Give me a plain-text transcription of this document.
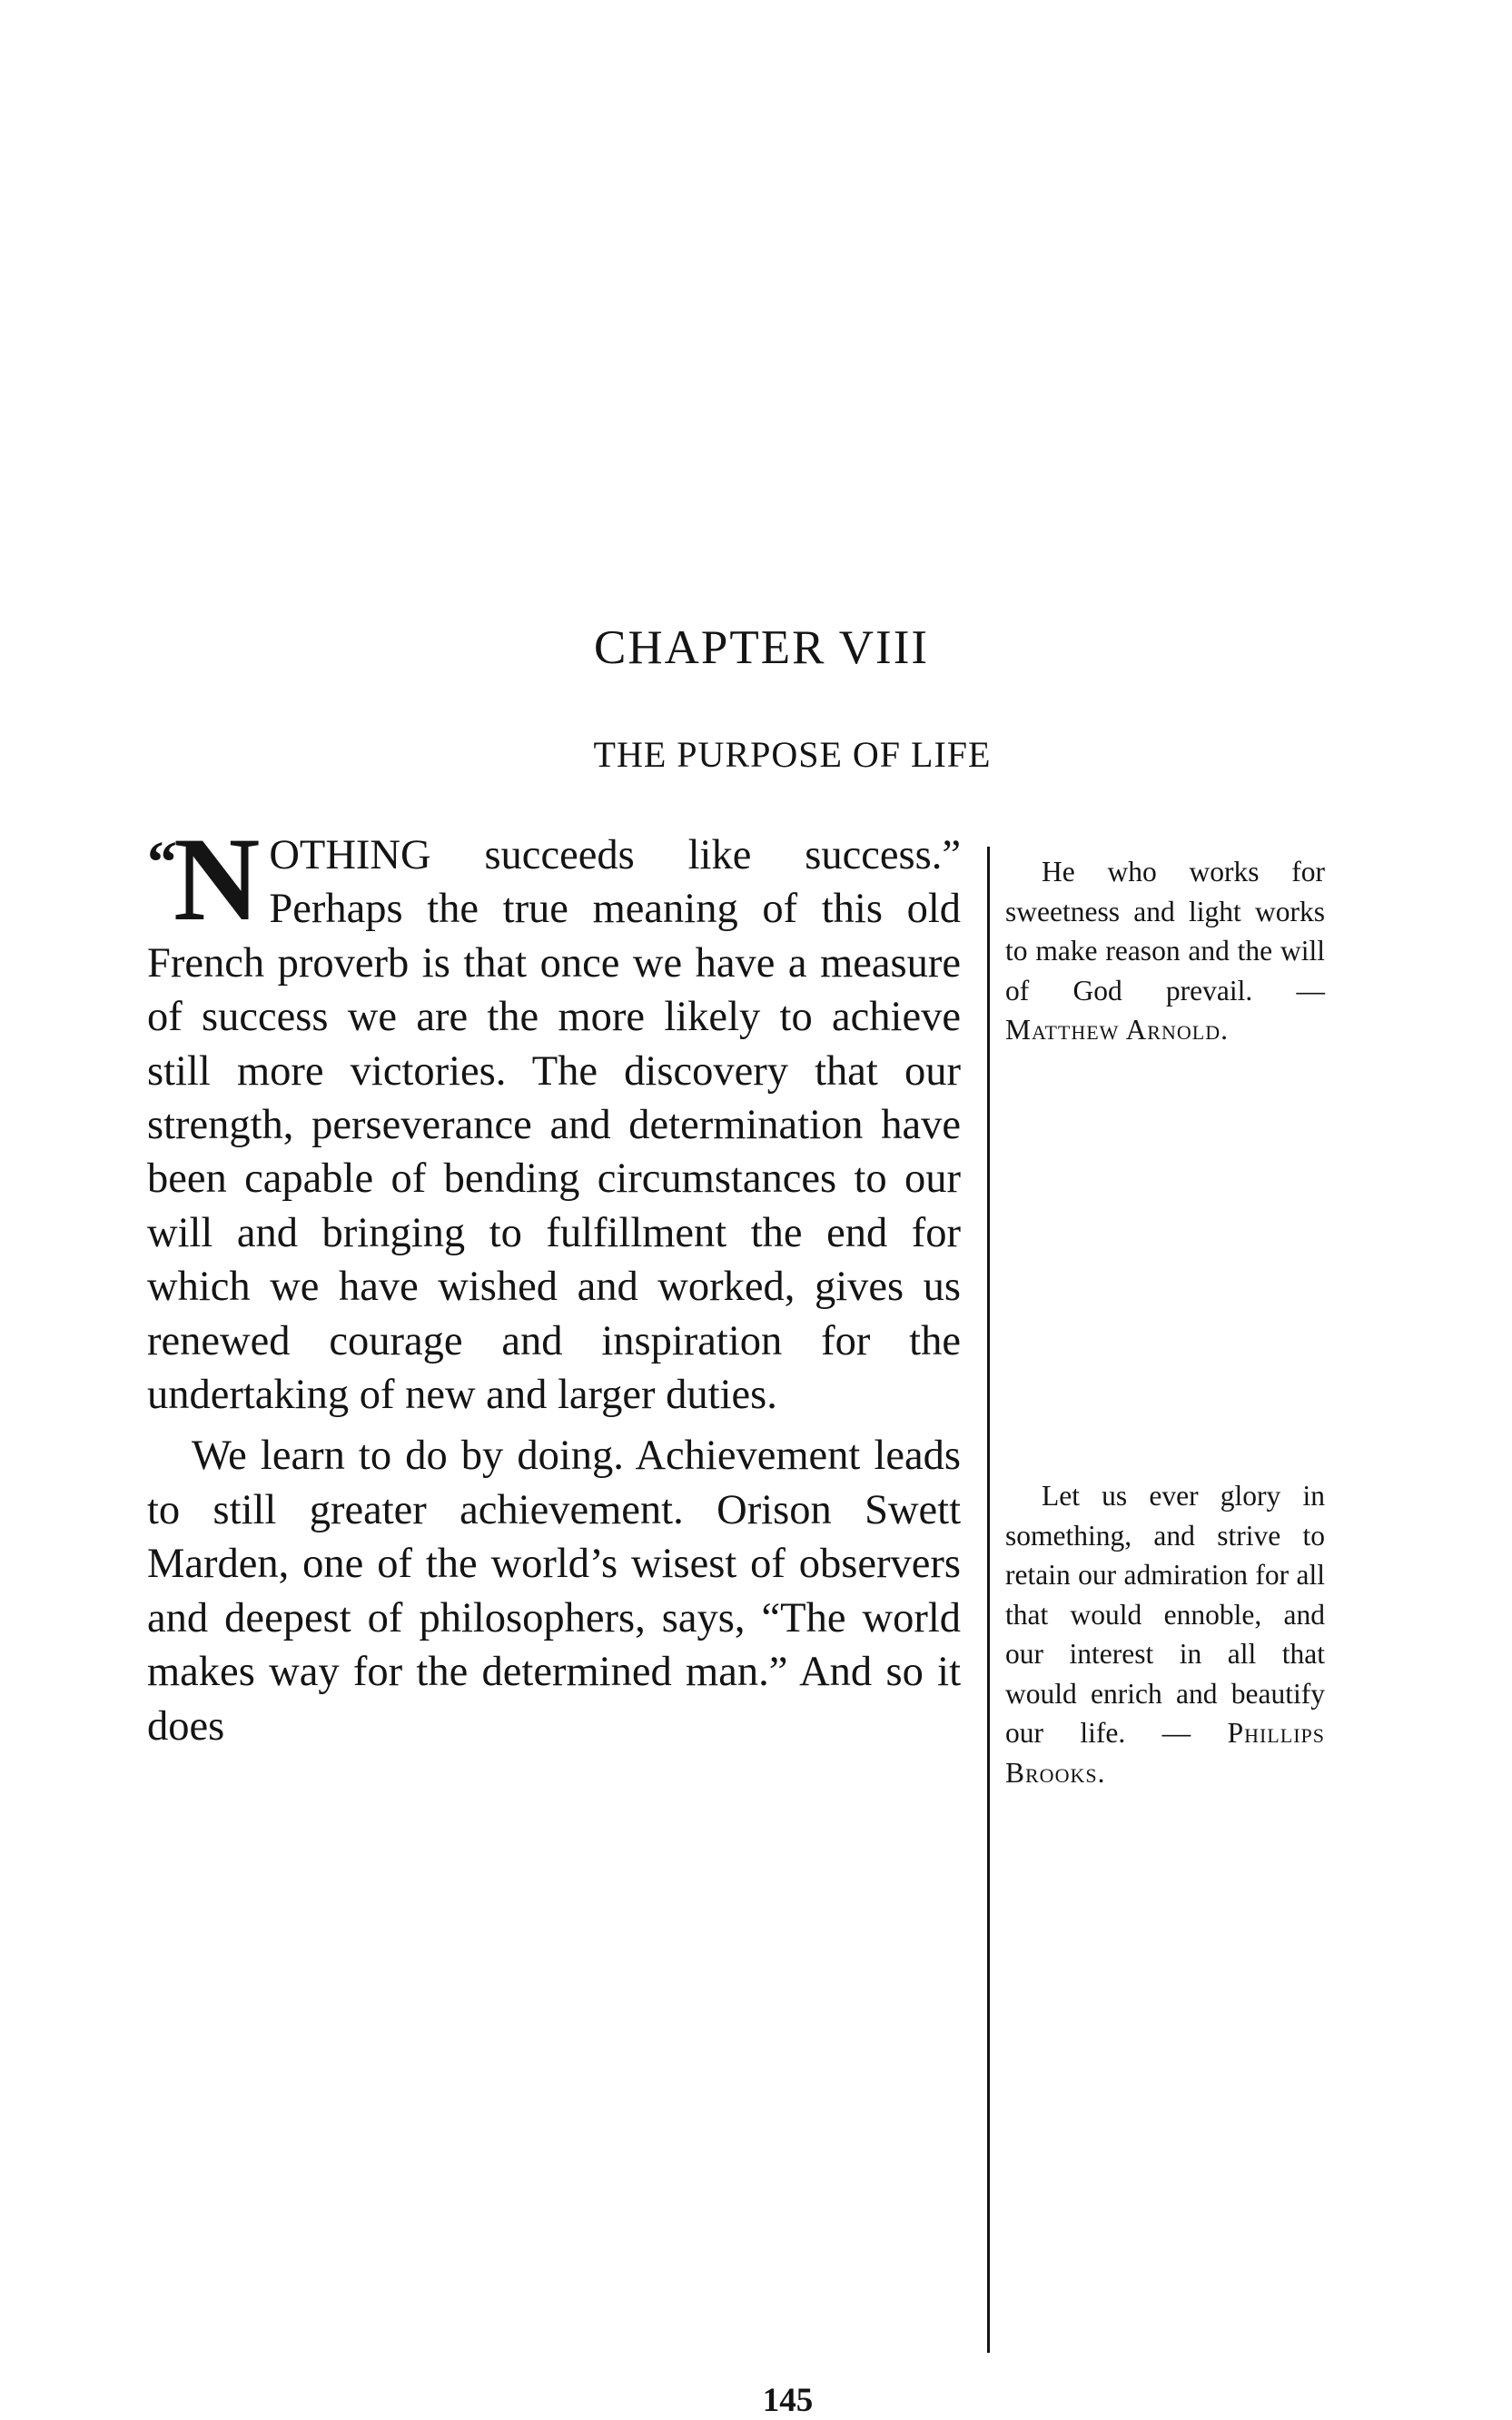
CHAPTER VIII
THE PURPOSE OF LIFE

“N OTHING succeeds like success.” Perhaps the true meaning of this old French proverb is that once we have a measure of success we are the more likely to achieve still more victories. The discovery that our strength, perseverance and determination have been capable of bending circumstances to our will and bringing to fulfillment the end for which we have wished and worked, gives us renewed courage and inspiration for the undertaking of new and larger duties.

We learn to do by doing. Achievement leads to still greater achievement. Orison Swett Marden, one of the world’s wisest of observers and deepest of philosophers, says, “The world makes way for the determined man.” And so it does

He who works for sweetness and light works to make reason and the will of God prevail. — Matthew Arnold.

Let us ever glory in something, and strive to retain our admiration for all that would ennoble, and our interest in all that would enrich and beautify our life. — Phillips Brooks.

145
